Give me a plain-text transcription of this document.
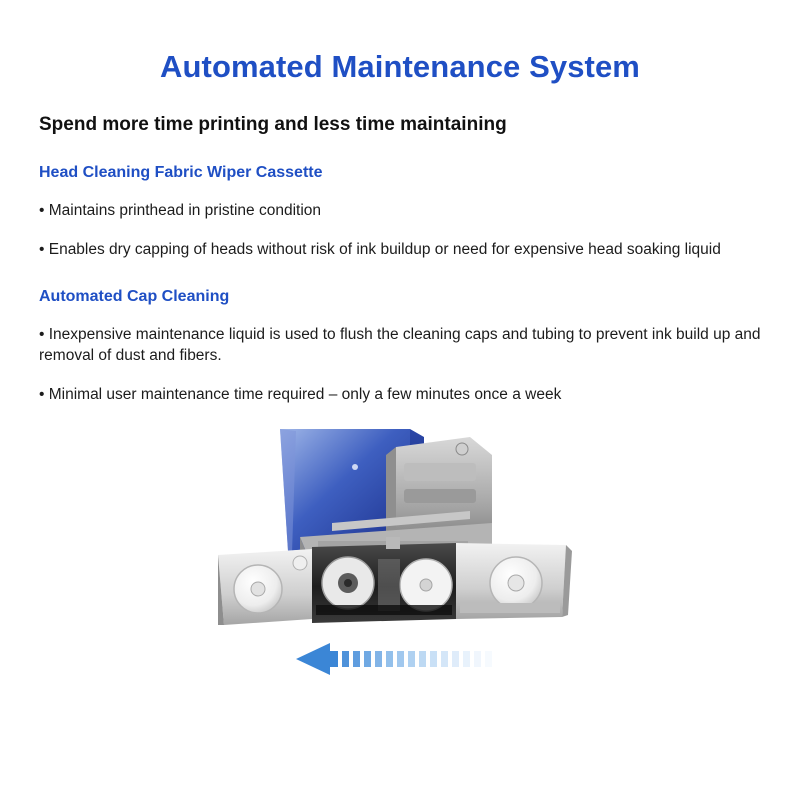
Automated Maintenance System
Spend more time printing and less time maintaining
Head Cleaning Fabric Wiper Cassette

• Maintains printhead in pristine condition

• Enables dry capping of heads without risk of ink buildup or need for expensive head soaking liquid

Automated Cap Cleaning

• Inexpensive maintenance liquid is used to flush the cleaning caps and tubing to prevent ink build up and removal of dust and fibers.

• Minimal user maintenance time required – only a few minutes once a week
